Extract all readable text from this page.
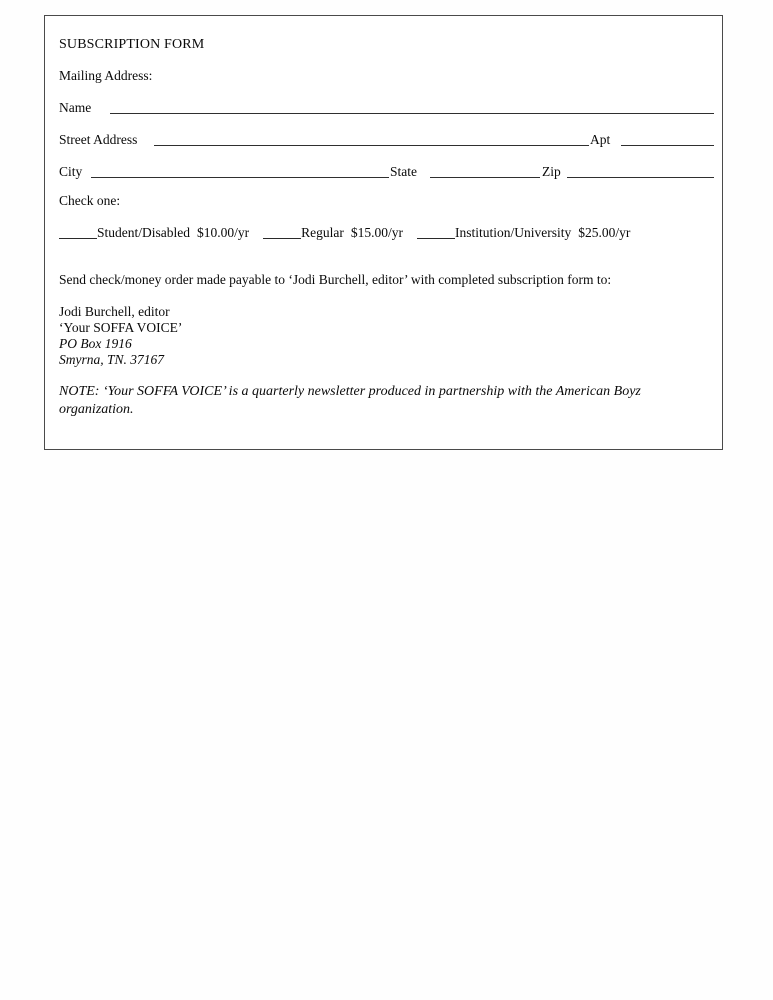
SUBSCRIPTION FORM
Mailing Address:
Name
Street Address	Apt
City	State	Zip
Check one:
Student/Disabled $10.00/yr	Regular $15.00/yr	Institution/University $25.00/yr
Send check/money order made payable to ‘Jodi Burchell, editor’ with completed subscription form to:
Jodi Burchell, editor
‘Your SOFFA VOICE’
PO Box 1916
Smyrna, TN. 37167
NOTE: ‘Your SOFFA VOICE’ is a quarterly newsletter produced in partnership with the American Boyz organization.
